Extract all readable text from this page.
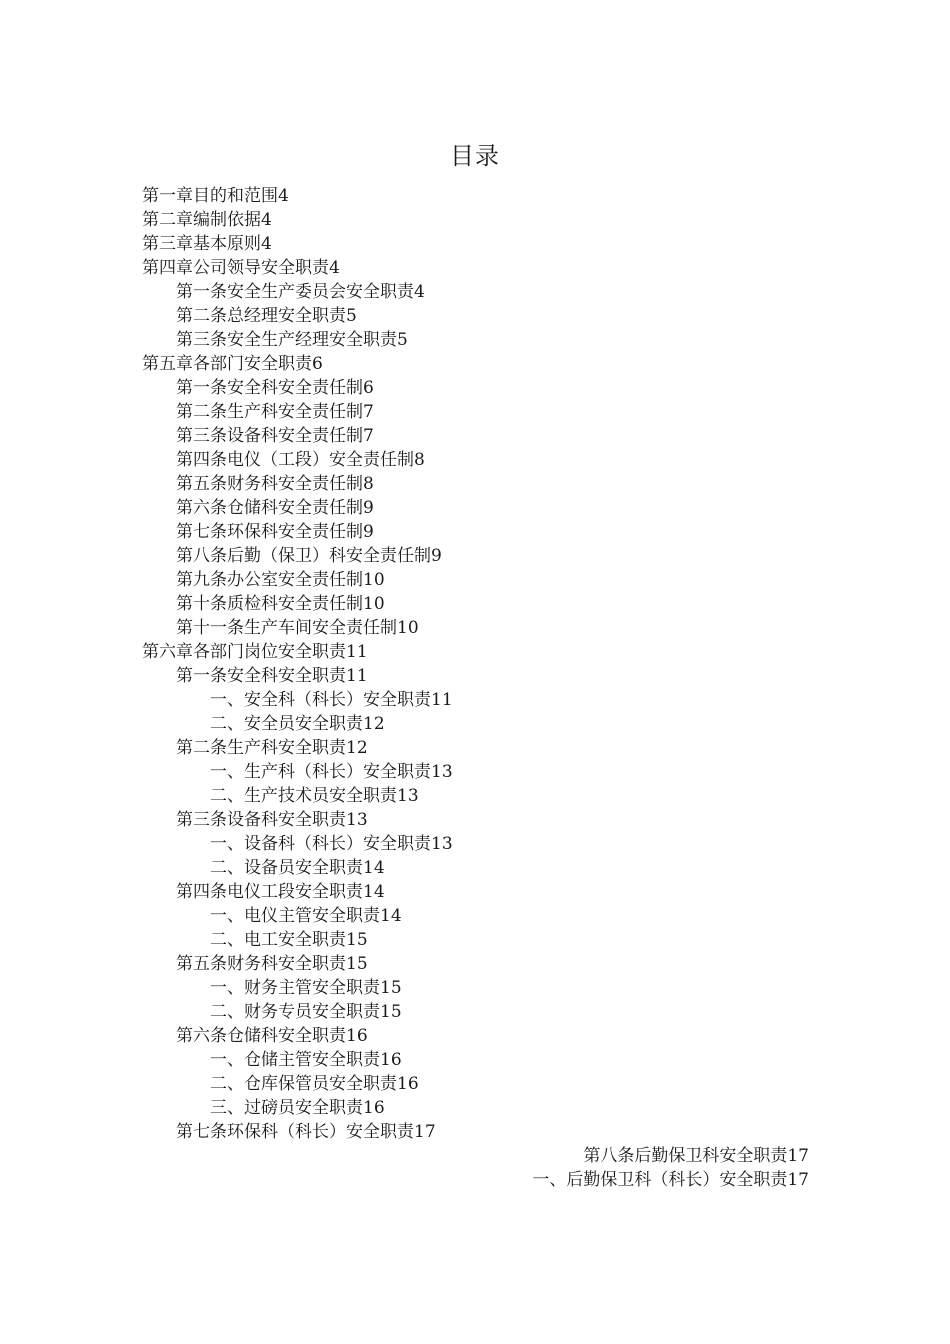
目录
第一章目的和范围4
第二章编制依据4
第三章基本原则4
第四章公司领导安全职责4
第一条安全生产委员会安全职责4
第二条总经理安全职责5
第三条安全生产经理安全职责5
第五章各部门安全职责6
第一条安全科安全责任制6
第二条生产科安全责任制7
第三条设备科安全责任制7
第四条电仪（工段）安全责任制8
第五条财务科安全责任制8
第六条仓储科安全责任制9
第七条环保科安全责任制9
第八条后勤（保卫）科安全责任制9
第九条办公室安全责任制10
第十条质检科安全责任制10
第十一条生产车间安全责任制10
第六章各部门岗位安全职责11
第一条安全科安全职责11
一、安全科（科长）安全职责11
二、安全员安全职责12
第二条生产科安全职责12
一、生产科（科长）安全职责13
二、生产技术员安全职责13
第三条设备科安全职责13
一、设备科（科长）安全职责13
二、设备员安全职责14
第四条电仪工段安全职责14
一、电仪主管安全职责14
二、电工安全职责15
第五条财务科安全职责15
一、财务主管安全职责15
二、财务专员安全职责15
第六条仓储科安全职责16
一、仓储主管安全职责16
二、仓库保管员安全职责16
三、过磅员安全职责16
第七条环保科（科长）安全职责17
第八条后勤保卫科安全职责17
一、后勤保卫科（科长）安全职责17
